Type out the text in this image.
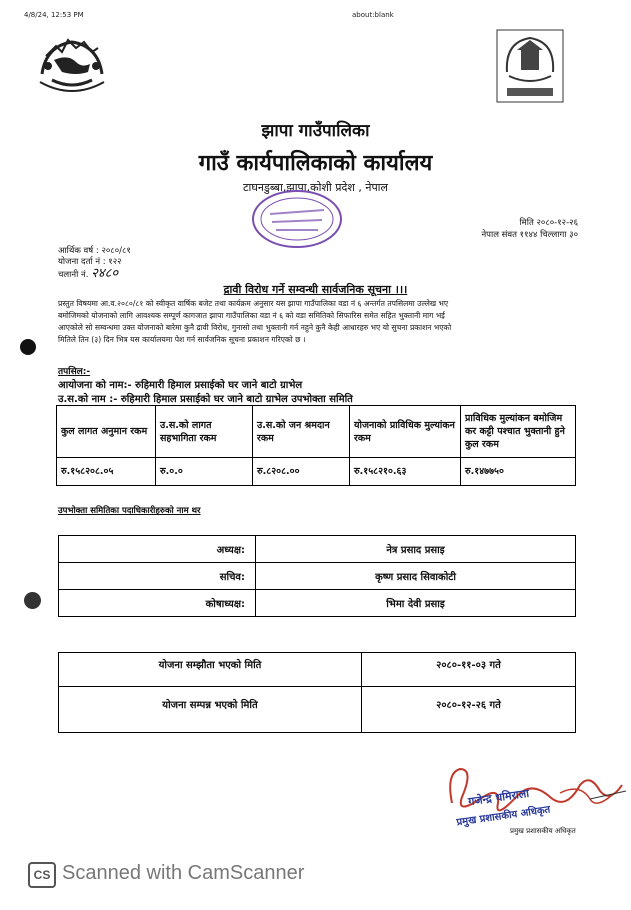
4/8/24, 12:53 PM	about:blank
झापा गाउँपालिका
गाउँ कार्यपालिकाको कार्यालय
टाघनडुब्बा,झापा,कोशी प्रदेश , नेपाल
मिति २०८०-१२-२६
नेपाल संवत ११४४ चिल्लागा ३०
आर्थिक वर्ष : २०८०/८१
योजना दर्ता नं : १२२
चलानी नं. २४८०
द्रावी विरोध गर्ने सम्वन्धी सार्वजनिक सूचना ।।।
प्रस्तुत विषयमा आ.व.२०८०/८१ को स्वीकृत वार्षिक बजेट तथा कार्यक्रम अनुसार यस झापा गाउँपालिका वडा नं ६ अन्तर्गत तपसिलमा उल्लेख भए
बमोजिमको योजनाको लागि आवश्यक सम्पूर्ण कागजात झापा गाउँपालिका वडा नं ६ को वडा समितिको सिफारिस समेत सहित भुक्तानी माग भई
आएकोले सो सम्वन्धमा उक्त योजनाको बारेमा कुनै द्रावी विरोध, गुनासो तथा भुक्तानी गर्न नहुने कुनै केही आधारहरु भए यो सुचना प्रकाशन भएको
मितिले तिन (३) दिन भित्र यस कार्यालयमा पेश गर्न सार्वजनिक सूचना प्रकाशन गरिएको छ ।
तपसिल:-
आयोजना को नाम:- रुहिमारी हिमाल प्रसाईको घर जाने बाटो ग्राभेल
उ.स.को नाम :- रुहिमारी हिमाल प्रसाईको घर जाने बाटो ग्राभेल उपभोक्ता समिति
कुल लागत अनुमान रकम	उ.स.को लागत सहभागिता रकम	उ.स.को जन श्रमदान रकम	योजनाको प्राविधिक मुल्यांकन रकम	प्राविधिक मुल्यांकन बमोजिम कर कट्टी पश्चात भुक्तानी हुने कुल रकम
रु.१५८२०८.०५	रु.०.०	रु.८२०८.००	रु.१५८२१०.६३	रु.१४७७५०
उपभोक्ता समितिका पदाधिकारीहरुको नाम थर
अध्यक्ष:	नेत्र प्रसाद प्रसाइ
सचिव:	कृष्ण प्रसाद सिवाकोटी
कोषाध्यक्ष:	भिमा देवी प्रसाइ
योजना सम्झौता भएको मिति	२०८०-११-०३ गते
योजना सम्पन्न भएको मिति	२०८०-१२-२६ गते
गजेन्द्र धमिराला
प्रमुख प्रशासकीय अधिकृत
प्रमुख प्रशासकीय अधिकृत
CS Scanned with CamScanner
